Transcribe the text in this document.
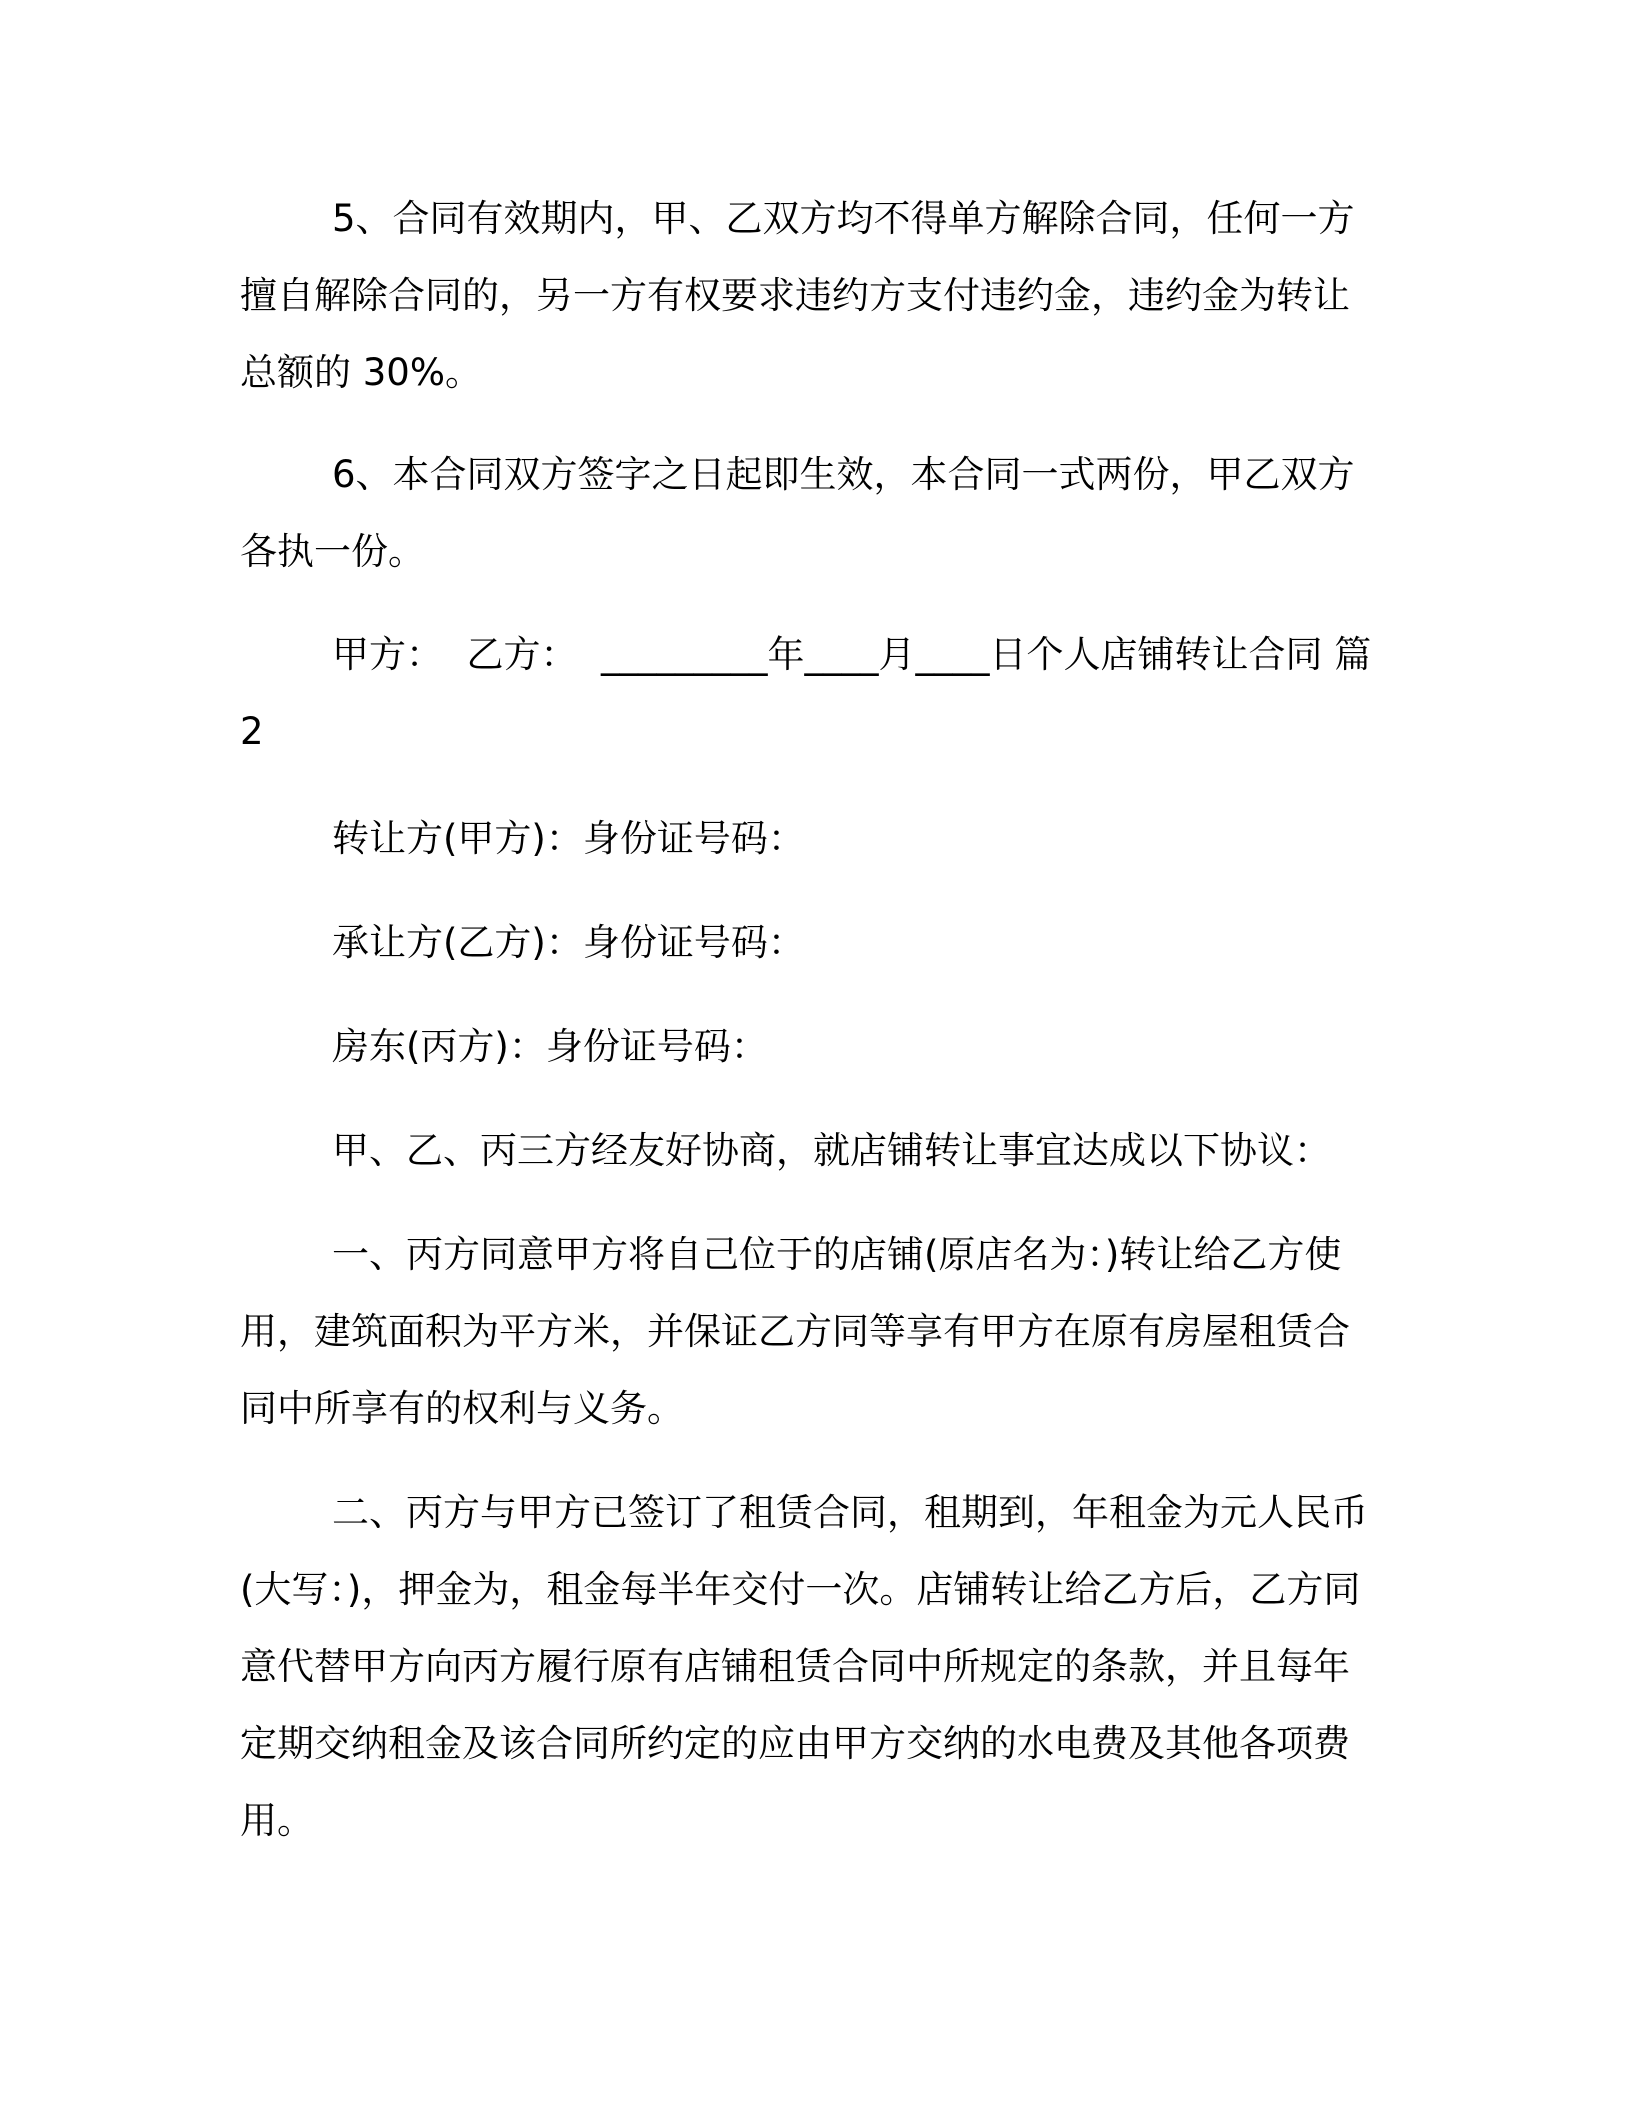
5、合同有效期内，甲、乙双方均不得单方解除合同，任何一方
擅自解除合同的，另一方有权要求违约方支付违约金，违约金为转让
总额的 30%。
6、本合同双方签字之日起即生效，本合同一式两份，甲乙双方
各执一份。
甲方：  乙方：  _________年____月____日个人店铺转让合同 篇
2
转让方(甲方)：身份证号码：
承让方(乙方)：身份证号码：
房东(丙方)：身份证号码：
甲、乙、丙三方经友好协商，就店铺转让事宜达成以下协议：
一、丙方同意甲方将自己位于的店铺(原店名为：)转让给乙方使
用，建筑面积为平方米，并保证乙方同等享有甲方在原有房屋租赁合
同中所享有的权利与义务。
二、丙方与甲方已签订了租赁合同，租期到，年租金为元人民币
(大写：)，押金为，租金每半年交付一次。店铺转让给乙方后，乙方同
意代替甲方向丙方履行原有店铺租赁合同中所规定的条款，并且每年
定期交纳租金及该合同所约定的应由甲方交纳的水电费及其他各项费
用。
